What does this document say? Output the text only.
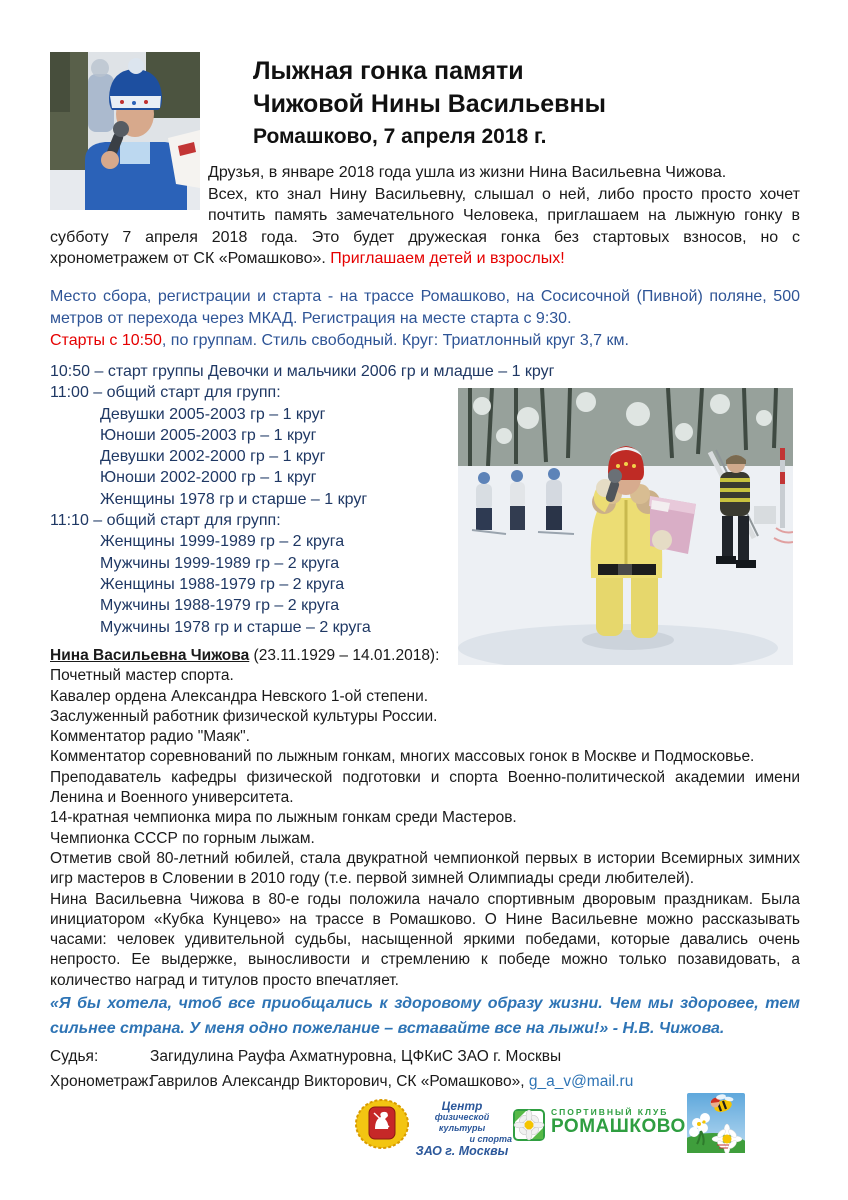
Лыжная гонка памяти
Чижовой Нины Васильевны
Ромашково, 7 апреля 2018 г.

Друзья, в январе 2018 года ушла из жизни Нина Васильевна Чижова.

Всех, кто знал Нину Васильевну, слышал о ней, либо просто просто хочет почтить память замечательного Человека, приглашаем на лыжную гонку в субботу 7 апреля 2018 года. Это будет дружеская гонка без стартовых взносов, но с хронометражем от СК «Ромашково». Приглашаем детей и взрослых!

Место сбора, регистрации и старта - на трассе Ромашково, на Сосисочной (Пивной) поляне, 500 метров от перехода через МКАД. Регистрация на месте старта с 9:30.

Старты с 10:50, по группам. Стиль свободный. Круг: Триатлонный круг 3,7 км.

10:50 – старт группы Девочки и мальчики 2006 гр и младше – 1 круг
11:00 – общий старт для групп:
Девушки 2005-2003 гр – 1 круг
Юноши 2005-2003 гр – 1 круг
Девушки 2002-2000 гр – 1 круг
Юноши 2002-2000 гр – 1 круг
Женщины 1978 гр и старше – 1 круг
11:10 – общий старт для групп:
Женщины 1999-1989 гр – 2 круга
Мужчины 1999-1989 гр – 2 круга
Женщины 1988-1979 гр – 2 круга
Мужчины 1988-1979 гр – 2 круга
Мужчины 1978 гр и старше – 2 круга

Нина Васильевна Чижова (23.11.1929 – 14.01.2018):

Почетный мастер спорта.

Кавалер ордена Александра Невского 1-ой степени.

Заслуженный работник физической культуры России.

Комментатор радио "Маяк".

Комментатор соревнований по лыжным гонкам, многих массовых гонок в Москве и Подмосковье.

Преподаватель кафедры физической подготовки и спорта Военно-политической академии имени Ленина и Военного университета.

14-кратная чемпионка мира по лыжным гонкам среди Мастеров.

Чемпионка СССР по горным лыжам.

Отметив свой 80-летний юбилей, стала двукратной чемпионкой первых в истории Всемирных зимних игр мастеров в Словении в 2010 году (т.е. первой зимней Олимпиады среди любителей).

Нина Васильевна Чижова в 80-е годы положила начало спортивным дворовым праздникам. Была инициатором «Кубка Кунцево» на трассе в Ромашково. О Нине Васильевне можно рассказывать часами: человек удивительной судьбы, насыщенной яркими победами, которые давались очень непросто. Ее выдержке, выносливости и стремлению к победе можно только позавидовать, а количество наград и титулов просто впечатляет.

«Я бы хотела, чтоб все приобщались к здоровому образу жизни. Чем мы здоровее, тем сильнее страна. У меня одно пожелание – вставайте все на лыжи!» - Н.В. Чижова.
Судья:	Загидулина Рауфа Ахматнуровна, ЦФКиС ЗАО г. Москвы
Хронометраж:
Гаврилов Александр Викторович, СК «Ромашково», g_a_v@mail.ru
Центр
физической культуры
и спорта
ЗАО г. Москвы
СПОРТИВНЫЙ КЛУБ
РОМАШКОВО
